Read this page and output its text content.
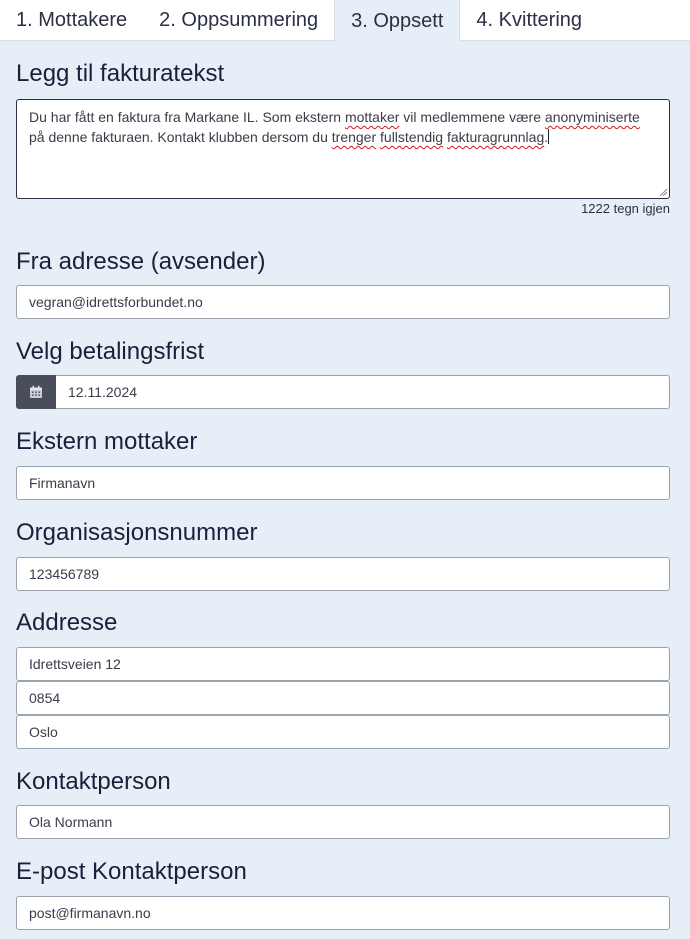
1. Mottakere 2. Oppsummering 3. Oppsett 4. Kvittering
Legg til fakturatekst
Du har fått en faktura fra Markane IL. Som ekstern mottaker vil medlemmene være anonyminiserte på denne fakturaen. Kontakt klubben dersom du trenger fullstendig fakturagrunnlag.
1222 tegn igjen
Fra adresse (avsender)
vegran@idrettsforbundet.no
Velg betalingsfrist
12.11.2024
Ekstern mottaker
Firmanavn
Organisasjonsnummer
123456789
Addresse
Idrettsveien 12
0854
Oslo
Kontaktperson
Ola Normann
E-post Kontaktperson
post@firmanavn.no
